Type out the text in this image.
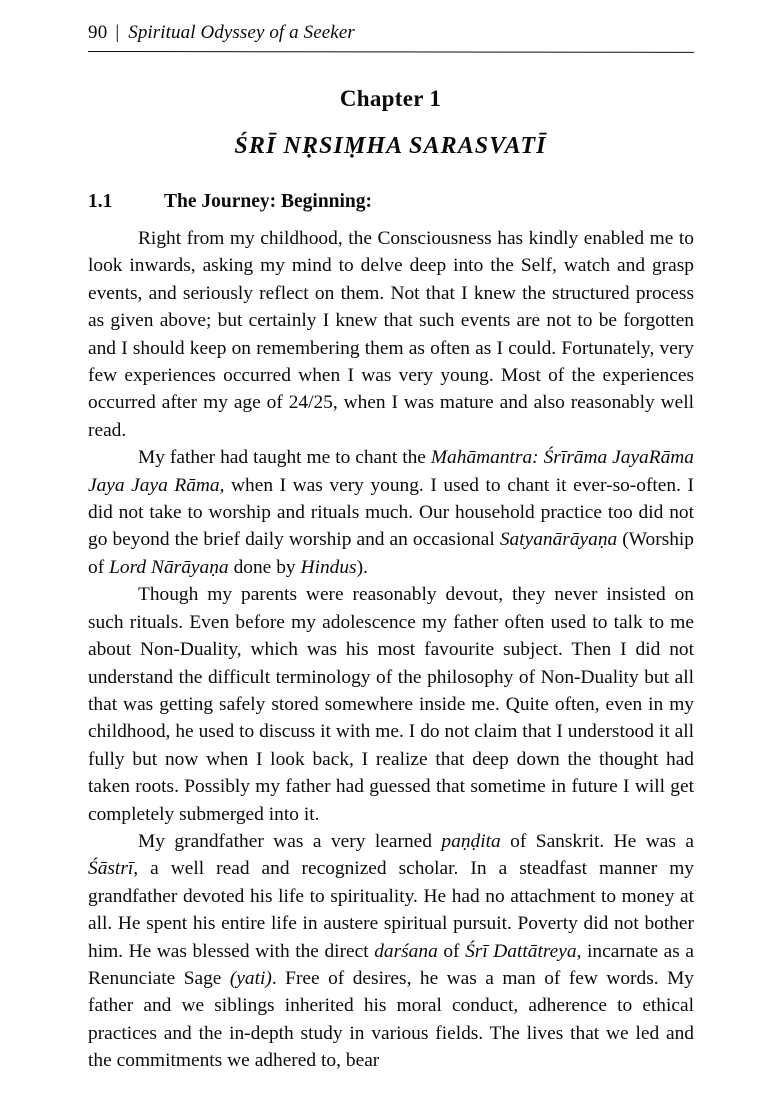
90 | Spiritual Odyssey of a Seeker
Chapter 1
ŚRĪ NṚSIṂHA SARASVATĪ
1.1	The Journey: Beginning:

Right from my childhood, the Consciousness has kindly enabled me to look inwards, asking my mind to delve deep into the Self, watch and grasp events, and seriously reflect on them. Not that I knew the structured process as given above; but certainly I knew that such events are not to be forgotten and I should keep on remembering them as often as I could. Fortunately, very few experiences occurred when I was very young. Most of the experiences occurred after my age of 24/25, when I was mature and also reasonably well read.

My father had taught me to chant the Mahāmantra: Śrīrāma JayaRāma Jaya Jaya Rāma, when I was very young. I used to chant it ever-so-often. I did not take to worship and rituals much. Our household practice too did not go beyond the brief daily worship and an occasional Satyanārāyaṇa (Worship of Lord Nārāyaṇa done by Hindus).

Though my parents were reasonably devout, they never insisted on such rituals. Even before my adolescence my father often used to talk to me about Non-Duality, which was his most favourite subject. Then I did not understand the difficult terminology of the philosophy of Non-Duality but all that was getting safely stored somewhere inside me. Quite often, even in my childhood, he used to discuss it with me. I do not claim that I understood it all fully but now when I look back, I realize that deep down the thought had taken roots. Possibly my father had guessed that sometime in future I will get completely submerged into it.

My grandfather was a very learned paṇḍita of Sanskrit. He was a Śāstrī, a well read and recognized scholar. In a steadfast manner my grandfather devoted his life to spirituality. He had no attachment to money at all. He spent his entire life in austere spiritual pursuit. Poverty did not bother him. He was blessed with the direct darśana of Śrī Dattātreya, incarnate as a Renunciate Sage (yati). Free of desires, he was a man of few words. My father and we siblings inherited his moral conduct, adherence to ethical practices and the in-depth study in various fields. The lives that we led and the commitments we adhered to, bear
